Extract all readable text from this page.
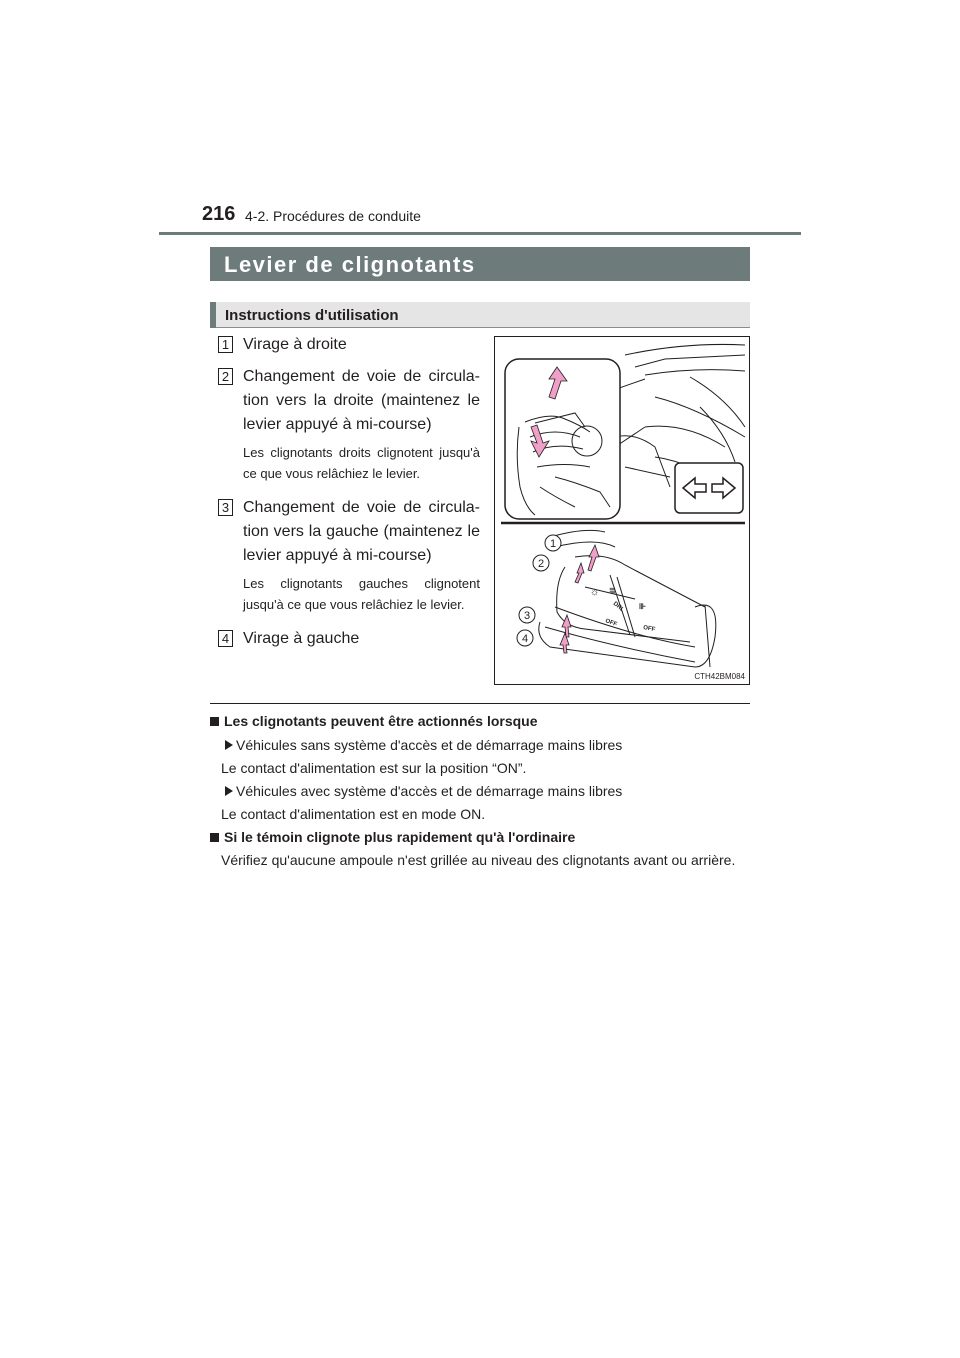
216 4-2. Procédures de conduite
Levier de clignotants
Instructions d'utilisation
1 Virage à droite
2 Changement de voie de circula-tion vers la droite (maintenez le levier appuyé à mi-course)
Les clignotants droits clignotent jusqu'à ce que vous relâchiez le levier.
3 Changement de voie de circula-tion vers la gauche (maintenez le levier appuyé à mi-course)
Les clignotants gauches clignotent jusqu'à ce que vous relâchiez le levier.
4 Virage à gauche
DRL
OFF
OFF
☼ ≣
⊪
1
2
3
4
CTH42BM084
Les clignotants peuvent être actionnés lorsque
Véhicules sans système d'accès et de démarrage mains libres
Le contact d'alimentation est sur la position “ON”.
Véhicules avec système d'accès et de démarrage mains libres
Le contact d'alimentation est en mode ON.
Si le témoin clignote plus rapidement qu'à l'ordinaire
Vérifiez qu'aucune ampoule n'est grillée au niveau des clignotants avant ou arrière.
